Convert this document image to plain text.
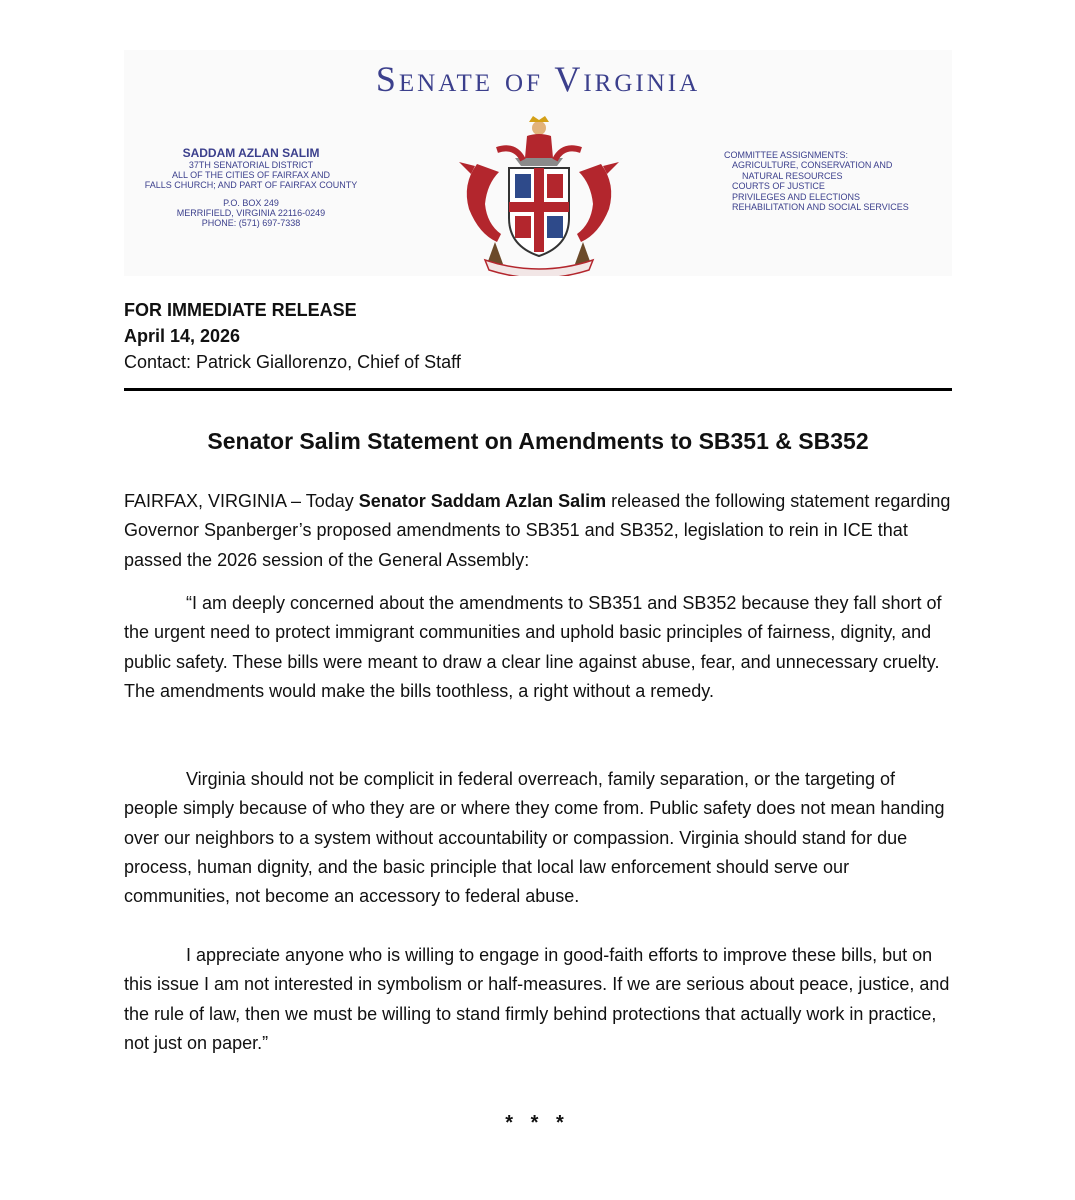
Senate of Virginia
SADDAM AZLAN SALIM
37TH SENATORIAL DISTRICT
ALL OF THE CITIES OF FAIRFAX AND
FALLS CHURCH; AND PART OF FAIRFAX COUNTY
P.O. BOX 249
MERRIFIELD, VIRGINIA 22116-0249
PHONE: (571) 697-7338
COMMITTEE ASSIGNMENTS:
AGRICULTURE, CONSERVATION AND
NATURAL RESOURCES
COURTS OF JUSTICE
PRIVILEGES AND ELECTIONS
REHABILITATION AND SOCIAL SERVICES
FOR IMMEDIATE RELEASE
April 14, 2026
Contact: Patrick Giallorenzo, Chief of Staff
Senator Salim Statement on Amendments to SB351 & SB352
FAIRFAX, VIRGINIA – Today Senator Saddam Azlan Salim released the following statement regarding Governor Spanberger’s proposed amendments to SB351 and SB352, legislation to rein in ICE that passed the 2026 session of the General Assembly:
“I am deeply concerned about the amendments to SB351 and SB352 because they fall short of the urgent need to protect immigrant communities and uphold basic principles of fairness, dignity, and public safety. These bills were meant to draw a clear line against abuse, fear, and unnecessary cruelty. The amendments would make the bills toothless, a right without a remedy.
Virginia should not be complicit in federal overreach, family separation, or the targeting of people simply because of who they are or where they come from. Public safety does not mean handing over our neighbors to a system without accountability or compassion. Virginia should stand for due process, human dignity, and the basic principle that local law enforcement should serve our communities, not become an accessory to federal abuse.
I appreciate anyone who is willing to engage in good-faith efforts to improve these bills, but on this issue I am not interested in symbolism or half-measures. If we are serious about peace, justice, and the rule of law, then we must be willing to stand firmly behind protections that actually work in practice, not just on paper.”
* * *
